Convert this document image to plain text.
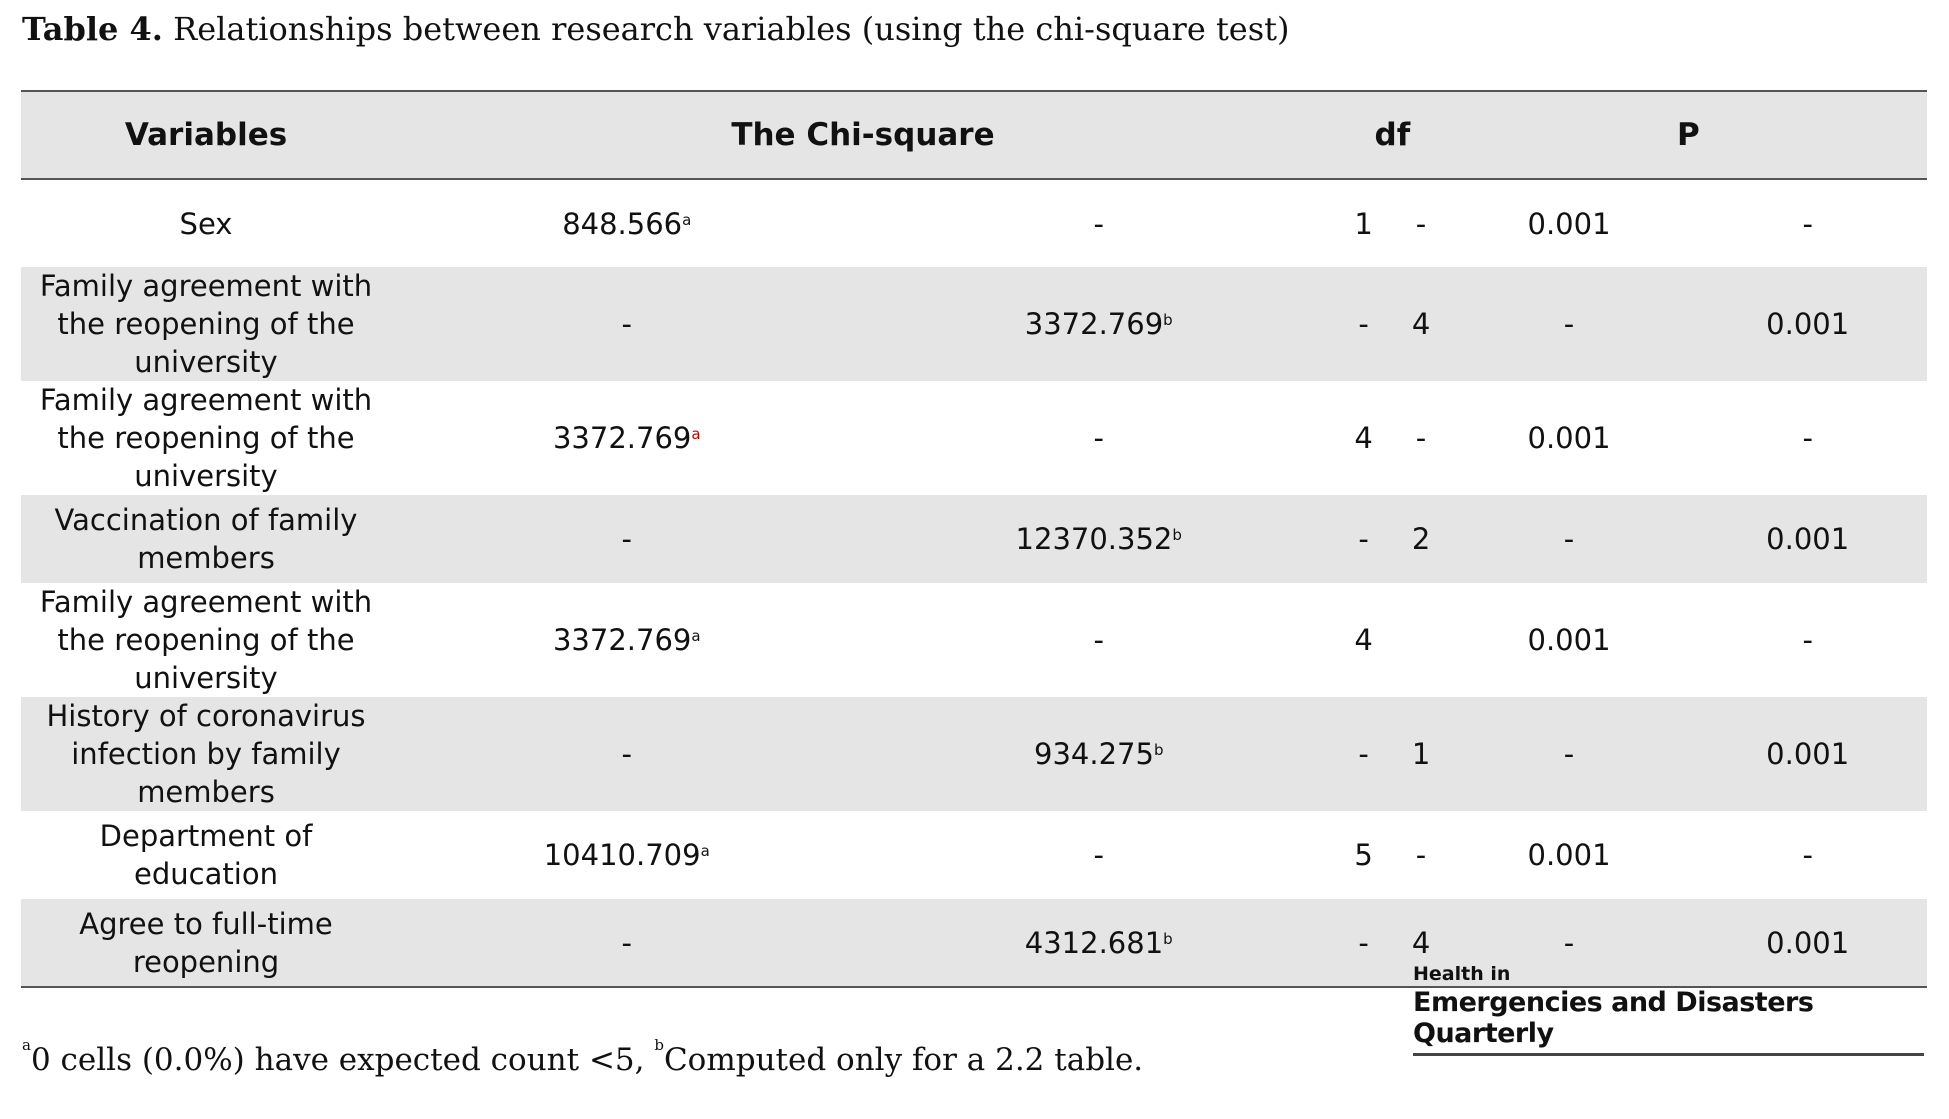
Table 4. Relationships between research variables (using the chi-square test)
Variables	The Chi-square		df		P	
Sex	848.566$^a$	-	1	-	0.001	-
Family agreement with the reopening of the university	-	3372.769$^b$	-	4	-	0.001
Family agreement with the reopening of the university	3372.769$^a$	-	4	-	0.001	-
Vaccination of family members	-	12370.352$^b$	-	2	-	0.001
Family agreement with the reopening of the university	3372.769$^a$	-	4		0.001	-
History of coronavirus infection by family members	-	934.275$^b$	-	1	-	0.001
Department of education	10410.709$^a$	-	5	-	0.001	-
Agree to full-time reopening	-	4312.681$^b$	-	4	-	0.001
Health in
Emergencies and Disasters Quarterly
$^a$0 cells (0.0%) have expected count <5, $^b$Computed only for a 2.2 table.
